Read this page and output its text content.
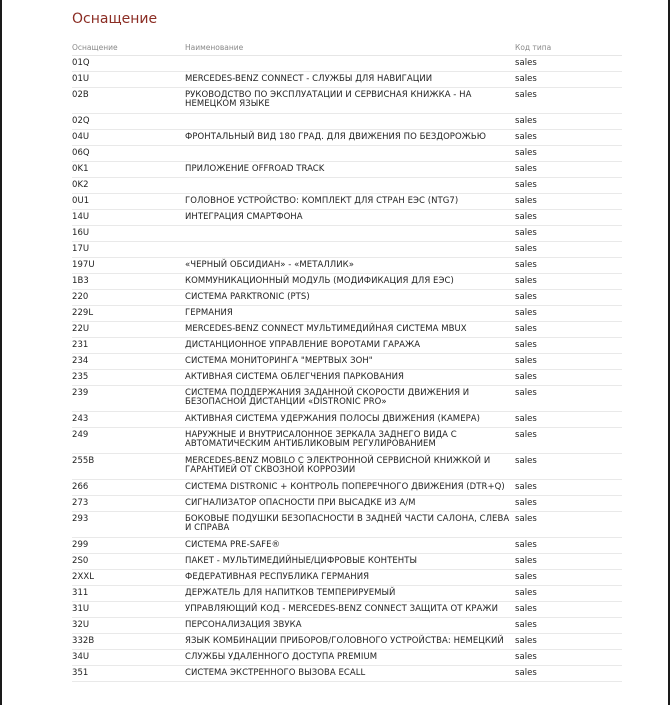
Оснащение
Оснащение	Наименование	Код типа
01Q		sales
01U	MERCEDES-BENZ CONNECT - СЛУЖБЫ ДЛЯ НАВИГАЦИИ	sales
02B	РУКОВОДСТВО ПО ЭКСПЛУАТАЦИИ И СЕРВИСНАЯ КНИЖКА - НА НЕМЕЦКОМ ЯЗЫКЕ	sales
02Q		sales
04U	ФРОНТАЛЬНЫЙ ВИД 180 ГРАД. ДЛЯ ДВИЖЕНИЯ ПО БЕЗДОРОЖЬЮ	sales
06Q		sales
0K1	ПРИЛОЖЕНИЕ OFFROAD TRACK	sales
0K2		sales
0U1	ГОЛОВНОЕ УСТРОЙСТВО: КОМПЛЕКТ ДЛЯ СТРАН ЕЭС (NTG7)	sales
14U	ИНТЕГРАЦИЯ СМАРТФОНА	sales
16U		sales
17U		sales
197U	«ЧЕРНЫЙ ОБСИДИАН» - «МЕТАЛЛИК»	sales
1B3	КОММУНИКАЦИОННЫЙ МОДУЛЬ (МОДИФИКАЦИЯ ДЛЯ ЕЭС)	sales
220	СИСТЕМА PARKTRONIC (PTS)	sales
229L	ГЕРМАНИЯ	sales
22U	MERCEDES-BENZ CONNECT МУЛЬТИМЕДИЙНАЯ СИСТЕМА MBUX	sales
231	ДИСТАНЦИОННОЕ УПРАВЛЕНИЕ ВОРОТАМИ ГАРАЖА	sales
234	СИСТЕМА МОНИТОРИНГА "МЕРТВЫХ ЗОН"	sales
235	АКТИВНАЯ СИСТЕМА ОБЛЕГЧЕНИЯ ПАРКОВАНИЯ	sales
239	СИСТЕМА ПОДДЕРЖАНИЯ ЗАДАННОЙ СКОРОСТИ ДВИЖЕНИЯ И БЕЗОПАСНОЙ ДИСТАНЦИИ «DISTRONIC PRO»	sales
243	АКТИВНАЯ СИСТЕМА УДЕРЖАНИЯ ПОЛОСЫ ДВИЖЕНИЯ (КАМЕРА)	sales
249	НАРУЖНЫЕ И ВНУТРИСАЛОННОЕ ЗЕРКАЛА ЗАДНЕГО ВИДА С АВТОМАТИЧЕСКИМ АНТИБЛИКОВЫМ РЕГУЛИРОВАНИЕМ	sales
255B	MERCEDES-BENZ MOBILO С ЭЛЕКТРОННОЙ СЕРВИСНОЙ КНИЖКОЙ И ГАРАНТИЕЙ ОТ СКВОЗНОЙ КОРРОЗИИ	sales
266	СИСТЕМА DISTRONIC + КОНТРОЛЬ ПОПЕРЕЧНОГО ДВИЖЕНИЯ (DTR+Q)	sales
273	СИГНАЛИЗАТОР ОПАСНОСТИ ПРИ ВЫСАДКЕ ИЗ А/М	sales
293	БОКОВЫЕ ПОДУШКИ БЕЗОПАСНОСТИ В ЗАДНЕЙ ЧАСТИ САЛОНА, СЛЕВА И СПРАВА	sales
299	СИСТЕМА PRE-SAFE®	sales
2S0	ПАКЕТ - МУЛЬТИМЕДИЙНЫЕ/ЦИФРОВЫЕ КОНТЕНТЫ	sales
2XXL	ФЕДЕРАТИВНАЯ РЕСПУБЛИКА ГЕРМАНИЯ	sales
311	ДЕРЖАТЕЛЬ ДЛЯ НАПИТКОВ ТЕМПЕРИРУЕМЫЙ	sales
31U	УПРАВЛЯЮЩИЙ КОД - MERCEDES-BENZ CONNECT ЗАЩИТА ОТ КРАЖИ	sales
32U	ПЕРСОНАЛИЗАЦИЯ ЗВУКА	sales
332B	ЯЗЫК КОМБИНАЦИИ ПРИБОРОВ/ГОЛОВНОГО УСТРОЙСТВА: НЕМЕЦКИЙ	sales
34U	СЛУЖБЫ УДАЛЕННОГО ДОСТУПА PREMIUM	sales
351	СИСТЕМА ЭКСТРЕННОГО ВЫЗОВА ECALL	sales
